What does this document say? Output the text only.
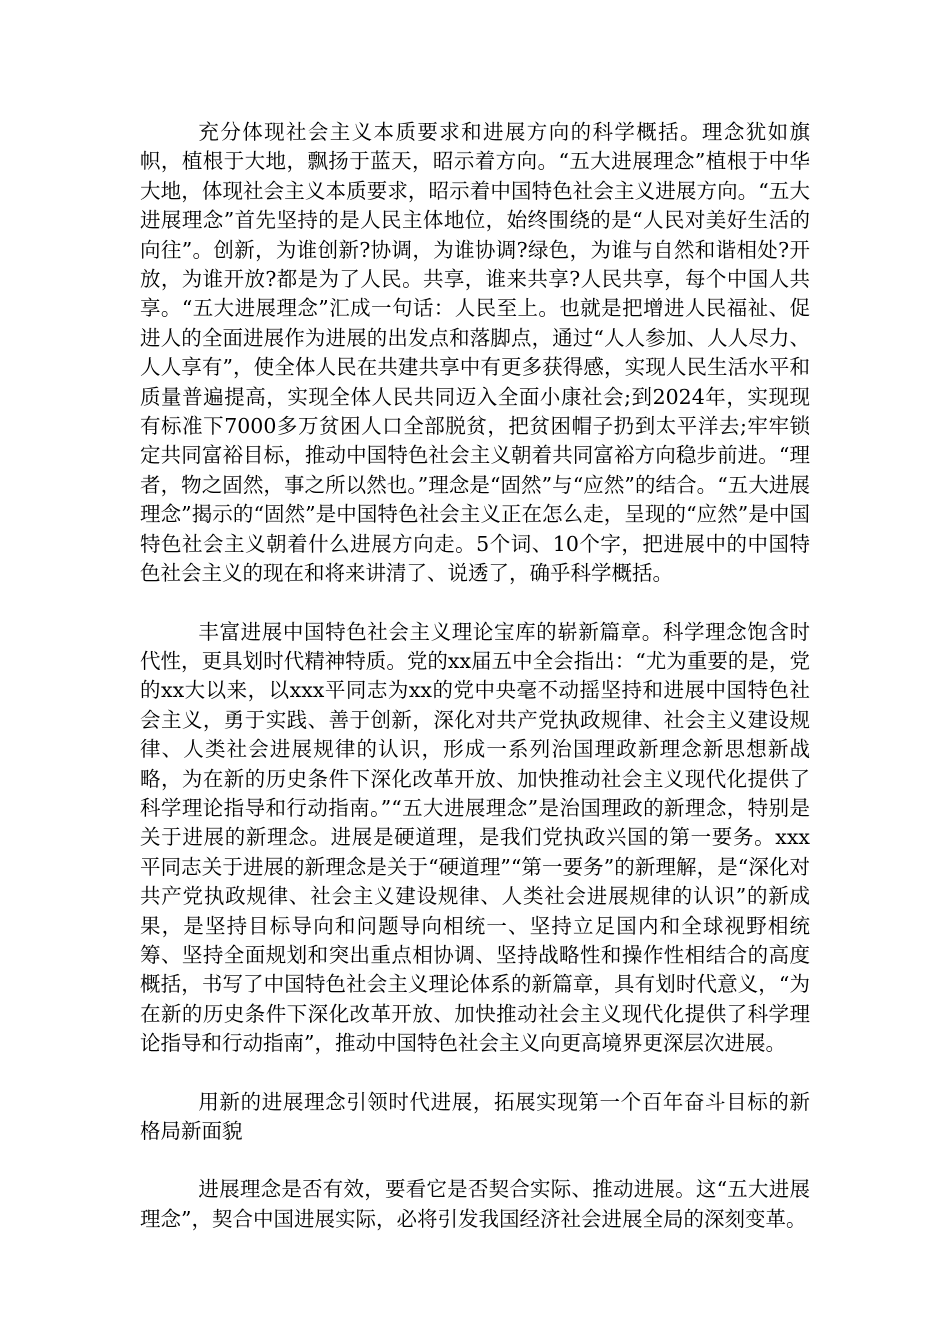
充分体现社会主义本质要求和进展方向的科学概括。理念犹如旗帜，植根于大地，飘扬于蓝天，昭示着方向。“五大进展理念”植根于中华大地，体现社会主义本质要求，昭示着中国特色社会主义进展方向。“五大进展理念”首先坚持的是人民主体地位，始终围绕的是“人民对美好生活的向往”。创新，为谁创新?协调，为谁协调?绿色，为谁与自然和谐相处?开放，为谁开放?都是为了人民。共享，谁来共享?人民共享，每个中国人共享。“五大进展理念”汇成一句话：人民至上。也就是把增进人民福祉、促进人的全面进展作为进展的出发点和落脚点，通过“人人参加、人人尽力、人人享有”，使全体人民在共建共享中有更多获得感，实现人民生活水平和质量普遍提高，实现全体人民共同迈入全面小康社会;到2024年，实现现有标准下7000多万贫困人口全部脱贫，把贫困帽子扔到太平洋去;牢牢锁定共同富裕目标，推动中国特色社会主义朝着共同富裕方向稳步前进。“理者，物之固然，事之所以然也。”理念是“固然”与“应然”的结合。“五大进展理念”揭示的“固然”是中国特色社会主义正在怎么走，呈现的“应然”是中国特色社会主义朝着什么进展方向走。5个词、10个字，把进展中的中国特色社会主义的现在和将来讲清了、说透了，确乎科学概括。

丰富进展中国特色社会主义理论宝库的崭新篇章。科学理念饱含时代性，更具划时代精神特质。党的xx届五中全会指出：“尤为重要的是，党的xx大以来，以xxx平同志为xx的党中央毫不动摇坚持和进展中国特色社会主义，勇于实践、善于创新，深化对共产党执政规律、社会主义建设规律、人类社会进展规律的认识，形成一系列治国理政新理念新思想新战略，为在新的历史条件下深化改革开放、加快推动社会主义现代化提供了科学理论指导和行动指南。”“五大进展理念”是治国理政的新理念，特别是关于进展的新理念。进展是硬道理，是我们党执政兴国的第一要务。xxx平同志关于进展的新理念是关于“硬道理”“第一要务”的新理解，是“深化对共产党执政规律、社会主义建设规律、人类社会进展规律的认识”的新成果，是坚持目标导向和问题导向相统一、坚持立足国内和全球视野相统筹、坚持全面规划和突出重点相协调、坚持战略性和操作性相结合的高度概括，书写了中国特色社会主义理论体系的新篇章，具有划时代意义，“为在新的历史条件下深化改革开放、加快推动社会主义现代化提供了科学理论指导和行动指南”，推动中国特色社会主义向更高境界更深层次进展。

用新的进展理念引领时代进展，拓展实现第一个百年奋斗目标的新格局新面貌

进展理念是否有效，要看它是否契合实际、推动进展。这“五大进展理念”，契合中国进展实际，必将引发我国经济社会进展全局的深刻变革。
